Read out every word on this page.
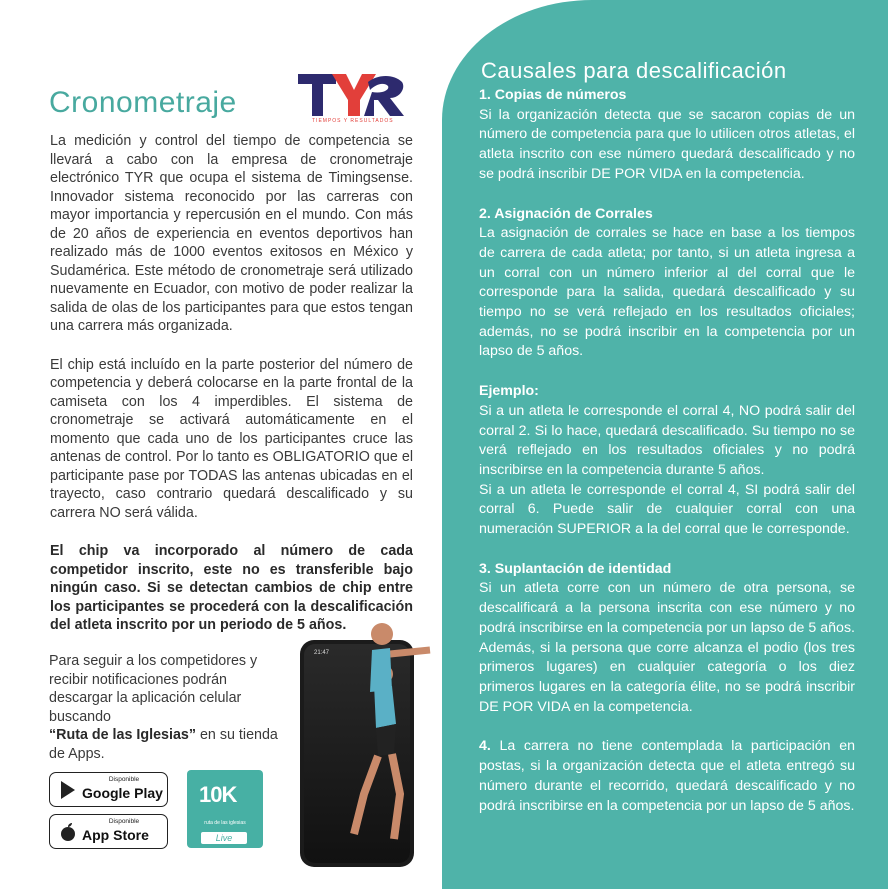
Causales para descalificación
1. Copias de números

Si la organización detecta que se sacaron copias de un número de competencia para que lo utilicen otros atletas, el atleta inscrito con ese número quedará descalificado y no se podrá inscribir DE POR VIDA en la competencia.

2. Asignación de Corrales

La asignación de corrales se hace en base a los tiempos de carrera de cada atleta; por tanto, si un atleta ingresa a un corral con un número inferior al del corral que le corresponde para la salida, quedará descalificado y su tiempo no se verá reflejado en los resultados oficiales; además, no se podrá inscribir en la competencia por un lapso de 5 años.

Ejemplo:

Si a un atleta le corresponde el corral 4, NO podrá salir del corral 2. Si lo hace, quedará descalificado. Su tiempo no se verá reflejado en los resultados oficiales y no podrá inscribirse en la competencia durante 5 años.

Si a un atleta le corresponde el corral 4, SI podrá salir del corral 6. Puede salir de cualquier corral con una numeración SUPERIOR a la del corral que le corresponde.

3. Suplantación de identidad

Si un atleta corre con un número de otra persona, se descalificará a la persona inscrita con ese número y no podrá inscribirse en la competencia por un lapso de 5 años. Además, si la persona que corre alcanza el podio (los tres primeros lugares) en cualquier categoría o los diez primeros lugares en la categoría élite, no se podrá inscribir DE POR VIDA en la competencia.

4. La carrera no tiene contemplada la participación en postas, si la organización detecta que el atleta entregó su número durante el recorrido, quedará descalificado y no podrá inscribirse en la competencia por un lapso de 5 años.

Cronometraje
TIEMPOS Y RESULTADOS

La medición y control del tiempo de competencia se llevará a cabo con la empresa de cronometraje electrónico TYR que ocupa el sistema de Timingsense. Innovador sistema reconocido por las carreras con mayor importancia y repercusión en el mundo. Con más de 20 años de experiencia en eventos deportivos han realizado más de 1000 eventos exitosos en México y Sudamérica. Este método de cronometraje será utilizado nuevamente en Ecuador, con motivo de poder realizar la salida de olas de los participantes para que estos tengan una carrera más organizada.

El chip está incluído en la parte posterior del número de competencia y deberá colocarse en la parte frontal de la camiseta con los 4 imperdibles. El sistema de cronometraje se activará automáticamente en el momento que cada uno de los participantes cruce las antenas de control. Por lo tanto es OBLIGATORIO que el participante pase por TODAS las antenas ubicadas en el trayecto, caso contrario quedará descalificado y su carrera NO será válida.

El chip va incorporado al número de cada competidor inscrito, este no es transferible bajo ningún caso. Si se detectan cambios de chip entre los participantes se procederá con la descalificación del atleta inscrito por un periodo de 5 años.

Para seguir a los competidores y recibir notificaciones podrán descargar la aplicación celular buscando
“Ruta de las Iglesias” en su tienda de Apps.
Disponible
Google Play
Disponible
App Store
10K
ruta de las iglesias
Live
21:47
